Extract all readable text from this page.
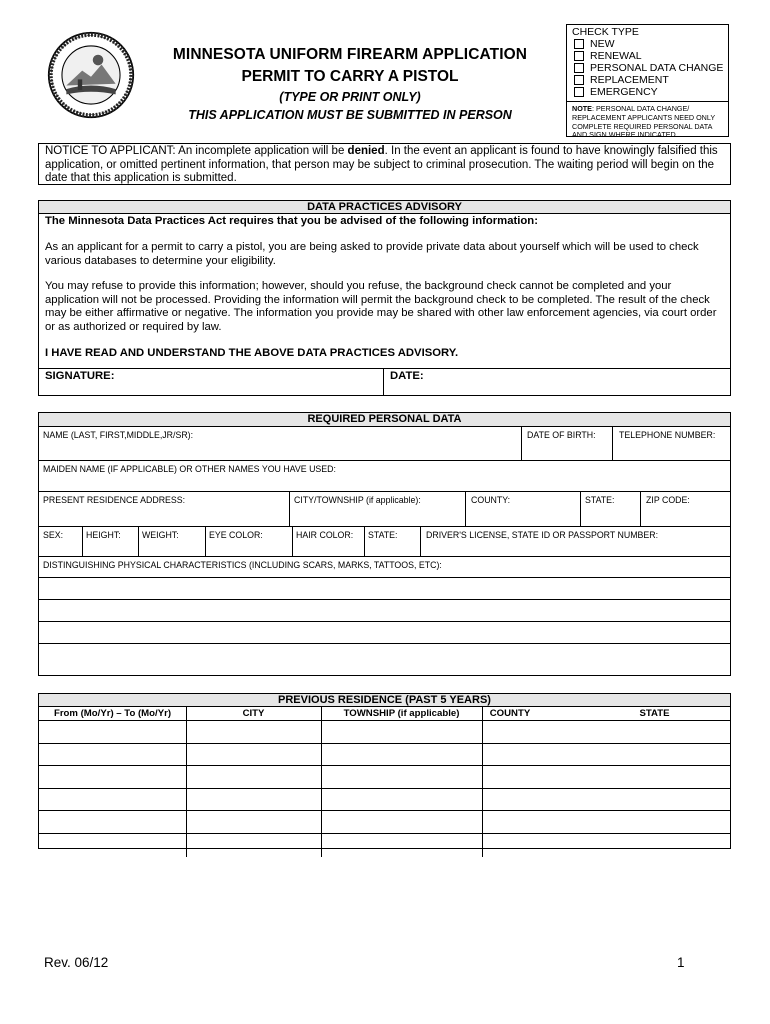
MINNESOTA UNIFORM FIREARM APPLICATION
PERMIT TO CARRY A PISTOL
(TYPE OR PRINT ONLY)
THIS APPLICATION MUST BE SUBMITTED IN PERSON
CHECK TYPE
NEW
RENEWAL
PERSONAL DATA CHANGE
REPLACEMENT
EMERGENCY
NOTE: PERSONAL DATA CHANGE/ REPLACEMENT APPLICANTS NEED ONLY COMPLETE REQUIRED PERSONAL DATA AND SIGN WHERE INDICATED.
NOTICE TO APPLICANT: An incomplete application will be denied. In the event an applicant is found to have knowingly falsified this application, or omitted pertinent information, that person may be subject to criminal prosecution. The waiting period will begin on the date that this application is submitted.
DATA PRACTICES ADVISORY
The Minnesota Data Practices Act requires that you be advised of the following information:
As an applicant for a permit to carry a pistol, you are being asked to provide private data about yourself which will be used to check various databases to determine your eligibility.
You may refuse to provide this information; however, should you refuse, the background check cannot be completed and your application will not be processed. Providing the information will permit the background check to be completed. The result of the check may be either affirmative or negative. The information you provide may be shared with other law enforcement agencies, via court order or as authorized or required by law.
I HAVE READ AND UNDERSTAND THE ABOVE DATA PRACTICES ADVISORY.
SIGNATURE:	DATE:
REQUIRED PERSONAL DATA
NAME (LAST, FIRST,MIDDLE,JR/SR):	DATE OF BIRTH:	TELEPHONE NUMBER:
MAIDEN NAME (IF APPLICABLE) OR OTHER NAMES YOU HAVE USED:
PRESENT RESIDENCE ADDRESS:	CITY/TOWNSHIP (if applicable):	COUNTY:	STATE:	ZIP CODE:
SEX:	HEIGHT:	WEIGHT:	EYE COLOR:	HAIR COLOR:	STATE:	DRIVER'S LICENSE, STATE ID OR PASSPORT NUMBER:
DISTINGUISHING PHYSICAL CHARACTERISTICS (INCLUDING SCARS, MARKS, TATTOOS, ETC):
PREVIOUS RESIDENCE (PAST 5 YEARS)
From (Mo/Yr) – To (Mo/Yr)	CITY	TOWNSHIP (if applicable)	COUNTY	STATE
Rev. 06/12	1
